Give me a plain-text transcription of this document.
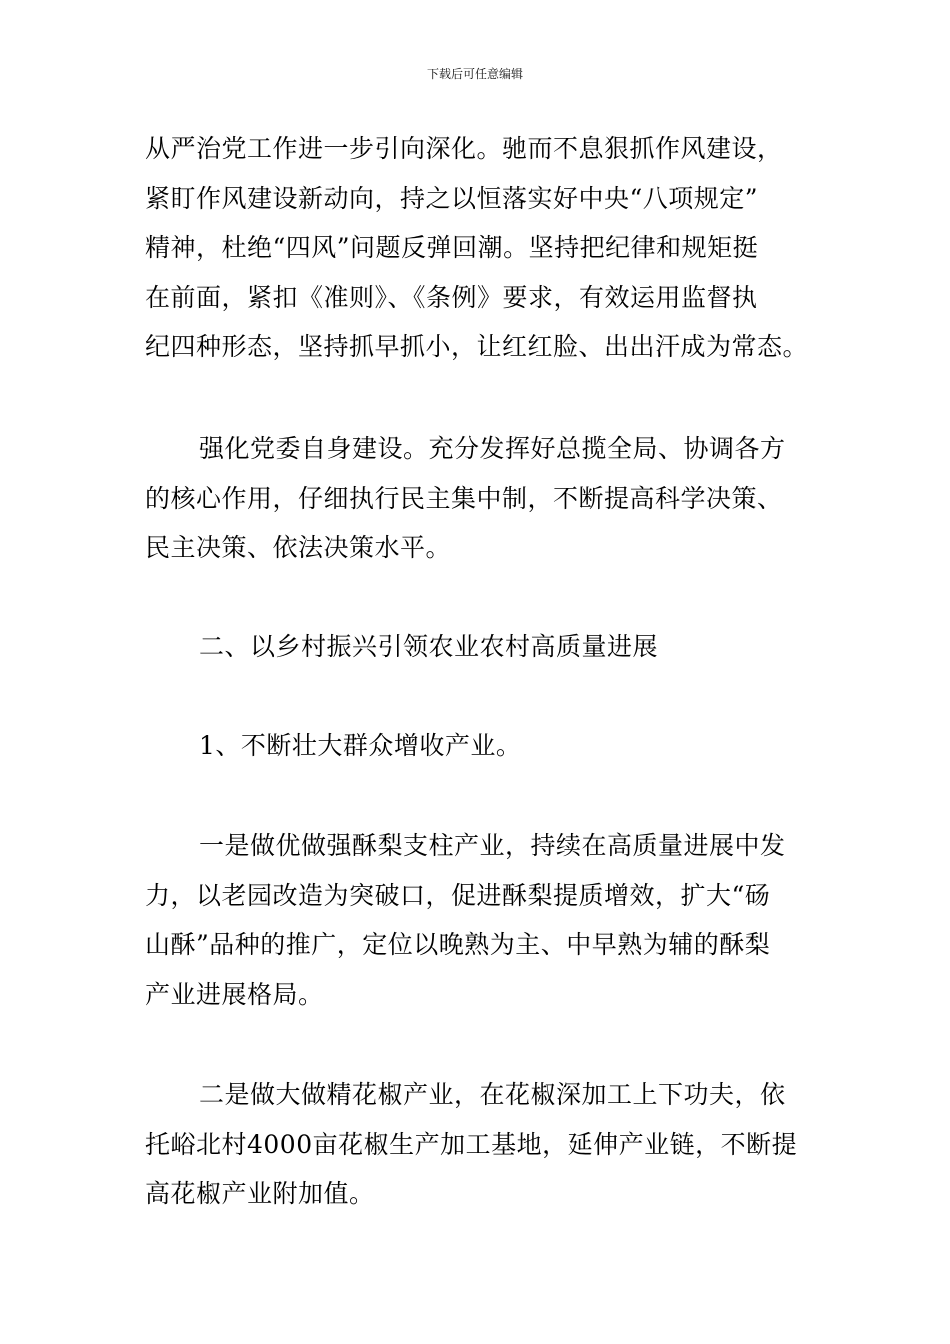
下载后可任意编辑
从严治党工作进一步引向深化。驰而不息狠抓作风建设，
紧盯作风建设新动向，持之以恒落实好中央“八项规定”
精神，杜绝“四风”问题反弹回潮。坚持把纪律和规矩挺
在前面，紧扣《准则》、《条例》要求，有效运用监督执
纪四种形态，坚持抓早抓小，让红红脸、出出汗成为常态。
强化党委自身建设。充分发挥好总揽全局、协调各方
的核心作用，仔细执行民主集中制，不断提高科学决策、
民主决策、依法决策水平。
二、以乡村振兴引领农业农村高质量进展
1、不断壮大群众增收产业。
一是做优做强酥梨支柱产业，持续在高质量进展中发
力，以老园改造为突破口，促进酥梨提质增效，扩大“砀
山酥”品种的推广，定位以晚熟为主、中早熟为辅的酥梨
产业进展格局。
二是做大做精花椒产业，在花椒深加工上下功夫，依
托峪北村4000亩花椒生产加工基地，延伸产业链，不断提
高花椒产业附加值。
